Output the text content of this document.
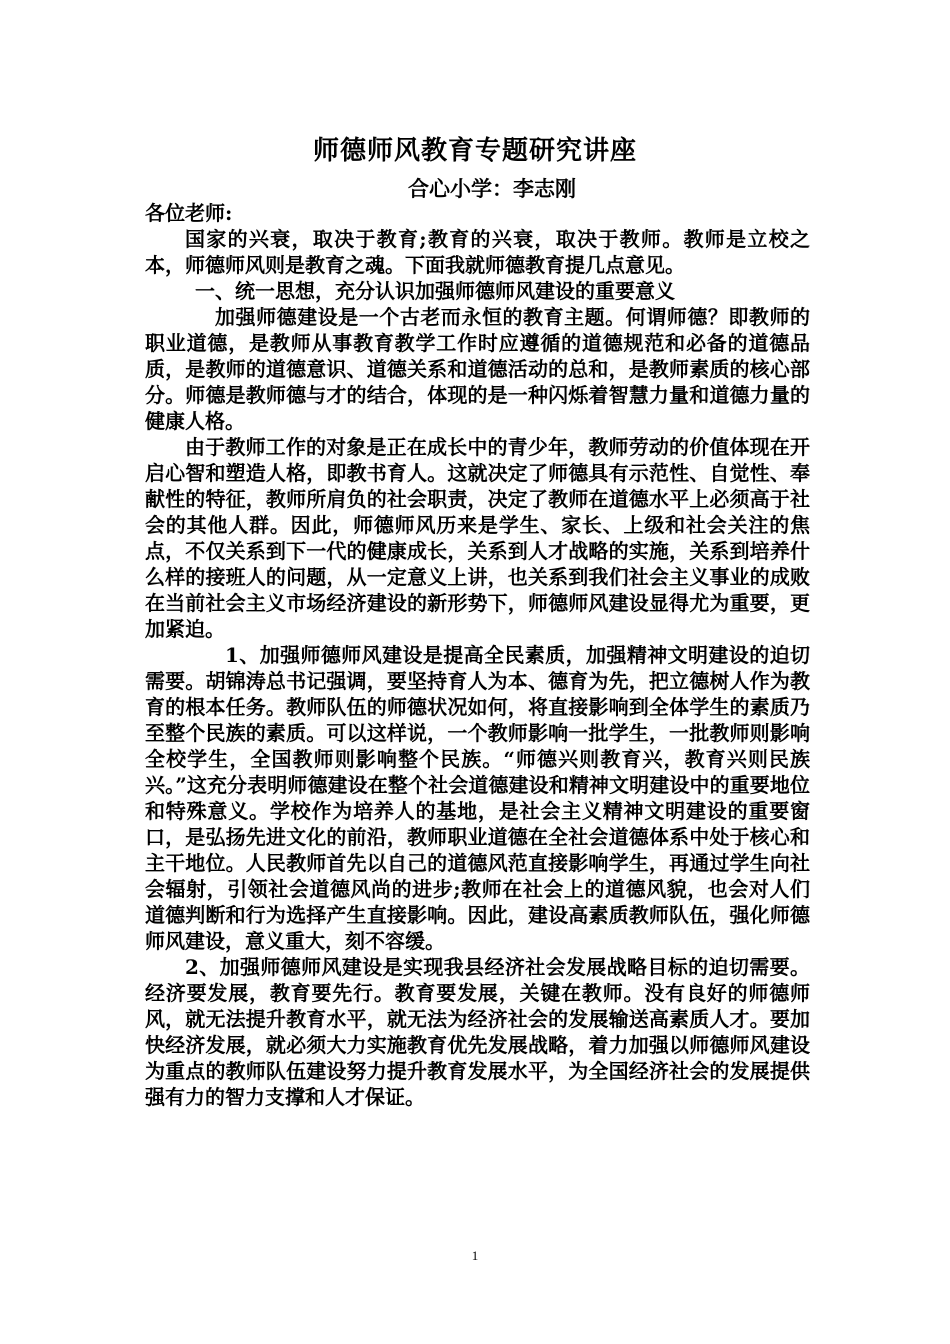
师德师风教育专题研究讲座
合心小学：李志刚

各位老师:

国家的兴衰，取决于教育;教育的兴衰，取决于教师。教师是立校之本，师德师风则是教育之魂。下面我就师德教育提几点意见。

一、统一思想，充分认识加强师德师风建设的重要意义

加强师德建设是一个古老而永恒的教育主题。何谓师德？即教师的职业道德，是教师从事教育教学工作时应遵循的道德规范和必备的道德品质，是教师的道德意识、道德关系和道德活动的总和，是教师素质的核心部分。师德是教师德与才的结合，体现的是一种闪烁着智慧力量和道德力量的健康人格。

由于教师工作的对象是正在成长中的青少年，教师劳动的价值体现在开启心智和塑造人格，即教书育人。这就决定了师德具有示范性、自觉性、奉献性的特征，教师所肩负的社会职责，决定了教师在道德水平上必须高于社会的其他人群。因此，师德师风历来是学生、家长、上级和社会关注的焦点，不仅关系到下一代的健康成长，关系到人才战略的实施，关系到培养什么样的接班人的问题，从一定意义上讲，也关系到我们社会主义事业的成败在当前社会主义市场经济建设的新形势下，师德师风建设显得尤为重要，更加紧迫。

1、加强师德师风建设是提高全民素质，加强精神文明建设的迫切需要。胡锦涛总书记强调，要坚持育人为本、德育为先，把立德树人作为教育的根本任务。教师队伍的师德状况如何，将直接影响到全体学生的素质乃至整个民族的素质。可以这样说，一个教师影响一批学生，一批教师则影响全校学生，全国教师则影响整个民族。“师德兴则教育兴，教育兴则民族兴。”这充分表明师德建设在整个社会道德建设和精神文明建设中的重要地位和特殊意义。学校作为培养人的基地，是社会主义精神文明建设的重要窗口，是弘扬先进文化的前沿，教师职业道德在全社会道德体系中处于核心和主干地位。人民教师首先以自己的道德风范直接影响学生，再通过学生向社会辐射，引领社会道德风尚的进步;教师在社会上的道德风貌，也会对人们道德判断和行为选择产生直接影响。因此，建设高素质教师队伍，强化师德师风建设，意义重大，刻不容缓。

2、加强师德师风建设是实现我县经济社会发展战略目标的迫切需要。经济要发展，教育要先行。教育要发展，关键在教师。没有良好的师德师风，就无法提升教育水平，就无法为经济社会的发展输送高素质人才。要加快经济发展，就必须大力实施教育优先发展战略，着力加强以师德师风建设为重点的教师队伍建设努力提升教育发展水平，为全国经济社会的发展提供强有力的智力支撑和人才保证。

1
